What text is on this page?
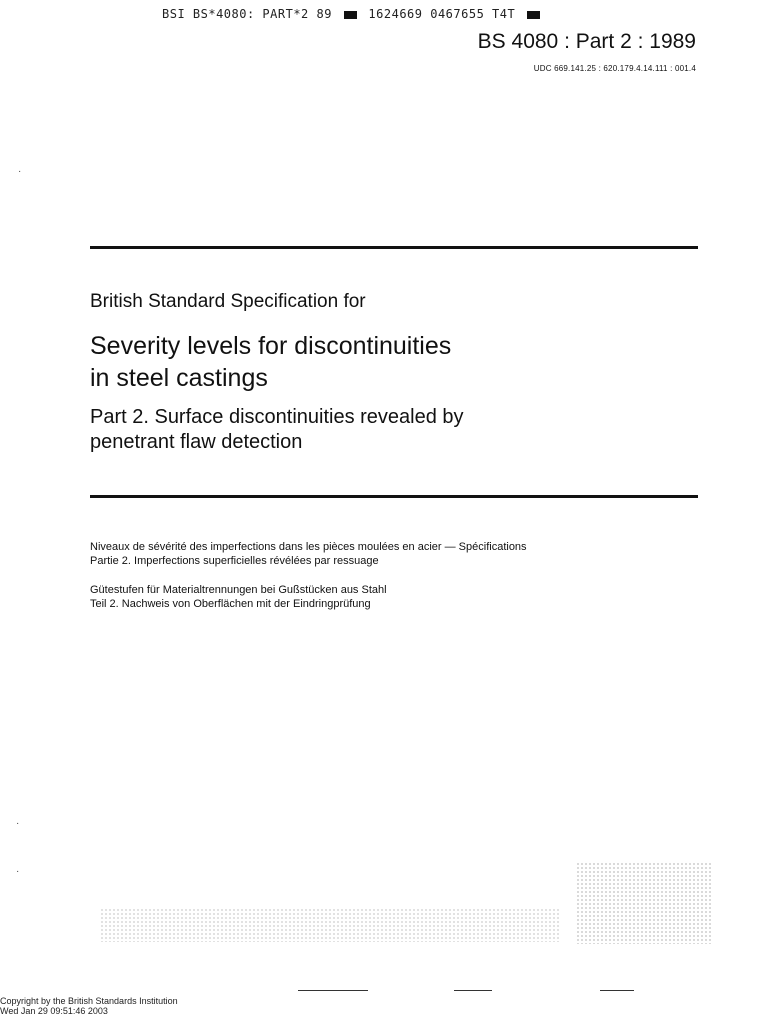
BSI BS*4080: PART*2 89	1624669 0467655 T4T
BS 4080 : Part 2 : 1989
UDC 669.141.25 : 620.179.4.14.111 : 001.4
·
·
·
British Standard Specification for
Severity levels for discontinuities
in steel castings
Part 2. Surface discontinuities revealed by
penetrant flaw detection
Niveaux de sévérité des imperfections dans les pièces moulées en acier — Spécifications
Partie 2. Imperfections superficielles révélées par ressuage
Gütestufen für Materialtrennungen bei Gußstücken aus Stahl
Teil 2. Nachweis von Oberflächen mit der Eindringprüfung
Copyright by the British Standards Institution
Wed Jan 29 09:51:46 2003
